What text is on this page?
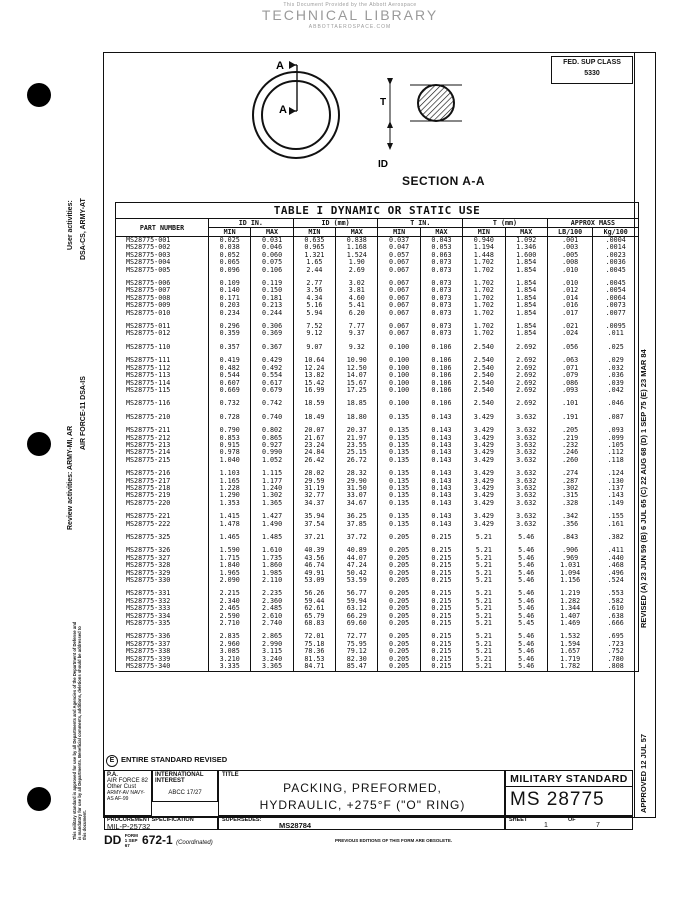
This Document Provided by the Abbott Aerospace
TECHNICAL LIBRARY
ABBOTTAEROSPACE.COM
APPROVED 12 JUL 57
REVISED (A) 23 JUN 59 (B) 6 JUL 65 (C) 22 AUG 68 (D) 1 SEP 75 (E) 23 MAR 84
FED. SUP CLASS
5330
A
A
T
ID
SECTION A-A
TABLE I DYNAMIC OR STATIC USE										
PART NUMBER	ID IN.		ID (mm)		T IN.		T (mm)		APPROX MASS	
	MIN	MAX	MIN	MAX	MIN	MAX	MIN	MAX	LB/100	Kg/100
MS28775-001	0.025	0.031	0.635	0.838	0.037	0.043	0.940	1.092	.001	.0004
MS28775-002	0.038	0.046	0.965	1.168	0.047	0.053	1.194	1.346	.003	.0014
MS28775-003	0.052	0.060	1.321	1.524	0.057	0.063	1.448	1.600	.005	.0023
MS28775-004	0.065	0.075	1.65	1.90	0.067	0.073	1.702	1.854	.008	.0036
MS28775-005	0.096	0.106	2.44	2.69	0.067	0.073	1.702	1.854	.010	.0045

MS28775-006	0.109	0.119	2.77	3.02	0.067	0.073	1.702	1.854	.010	.0045
MS28775-007	0.140	0.150	3.56	3.81	0.067	0.073	1.702	1.854	.012	.0054
MS28775-008	0.171	0.181	4.34	4.60	0.067	0.073	1.702	1.854	.014	.0064
MS28775-009	0.203	0.213	5.16	5.41	0.067	0.073	1.702	1.854	.016	.0073
MS28775-010	0.234	0.244	5.94	6.20	0.067	0.073	1.702	1.854	.017	.0077

MS28775-011	0.296	0.306	7.52	7.77	0.067	0.073	1.702	1.854	.021	.0095
MS28775-012	0.359	0.369	9.12	9.37	0.067	0.073	1.702	1.854	.024	.011

MS28775-110	0.357	0.367	9.07	9.32	0.100	0.106	2.540	2.692	.056	.025

MS28775-111	0.419	0.429	10.64	10.90	0.100	0.106	2.540	2.692	.063	.029
MS28775-112	0.482	0.492	12.24	12.50	0.100	0.106	2.540	2.692	.071	.032
MS28775-113	0.544	0.554	13.82	14.07	0.100	0.106	2.540	2.692	.079	.036
MS28775-114	0.607	0.617	15.42	15.67	0.100	0.106	2.540	2.692	.086	.039
MS28775-115	0.669	0.679	16.99	17.25	0.100	0.106	2.540	2.692	.093	.042

MS28775-116	0.732	0.742	18.59	18.85	0.100	0.106	2.540	2.692	.101	.046

MS28775-210	0.728	0.740	18.49	18.80	0.135	0.143	3.429	3.632	.191	.087

MS28775-211	0.790	0.802	20.07	20.37	0.135	0.143	3.429	3.632	.205	.093
MS28775-212	0.853	0.865	21.67	21.97	0.135	0.143	3.429	3.632	.219	.099
MS28775-213	0.915	0.927	23.24	23.55	0.135	0.143	3.429	3.632	.232	.105
MS28775-214	0.978	0.990	24.84	25.15	0.135	0.143	3.429	3.632	.246	.112
MS28775-215	1.040	1.052	26.42	26.72	0.135	0.143	3.429	3.632	.260	.118

MS28775-216	1.103	1.115	28.02	28.32	0.135	0.143	3.429	3.632	.274	.124
MS28775-217	1.165	1.177	29.59	29.90	0.135	0.143	3.429	3.632	.287	.130
MS28775-218	1.228	1.240	31.19	31.50	0.135	0.143	3.429	3.632	.302	.137
MS28775-219	1.290	1.302	32.77	33.07	0.135	0.143	3.429	3.632	.315	.143
MS28775-220	1.353	1.365	34.37	34.67	0.135	0.143	3.429	3.632	.328	.149

MS28775-221	1.415	1.427	35.94	36.25	0.135	0.143	3.429	3.632	.342	.155
MS28775-222	1.478	1.490	37.54	37.85	0.135	0.143	3.429	3.632	.356	.161

MS28775-325	1.465	1.485	37.21	37.72	0.205	0.215	5.21	5.46	.843	.382

MS28775-326	1.590	1.610	40.39	40.89	0.205	0.215	5.21	5.46	.906	.411
MS28775-327	1.715	1.735	43.56	44.07	0.205	0.215	5.21	5.46	.969	.440
MS28775-328	1.840	1.860	46.74	47.24	0.205	0.215	5.21	5.46	1.031	.468
MS28775-329	1.965	1.985	49.91	50.42	0.205	0.215	5.21	5.46	1.094	.496
MS28775-330	2.090	2.110	53.09	53.59	0.205	0.215	5.21	5.46	1.156	.524

MS28775-331	2.215	2.235	56.26	56.77	0.205	0.215	5.21	5.46	1.219	.553
MS28775-332	2.340	2.360	59.44	59.94	0.205	0.215	5.21	5.46	1.282	.582
MS28775-333	2.465	2.485	62.61	63.12	0.205	0.215	5.21	5.46	1.344	.610
MS28775-334	2.590	2.610	65.79	66.29	0.205	0.215	5.21	5.46	1.407	.638
MS28775-335	2.710	2.740	68.83	69.60	0.205	0.215	5.21	5.45	1.469	.666

MS28775-336	2.835	2.865	72.01	72.77	0.205	0.215	5.21	5.46	1.532	.695
MS28775-337	2.960	2.990	75.18	75.95	0.205	0.215	5.21	5.46	1.594	.723
MS28775-338	3.085	3.115	78.36	79.12	0.205	0.215	5.21	5.46	1.657	.752
MS28775-339	3.210	3.240	81.53	82.30	0.205	0.215	5.21	5.46	1.719	.780
MS28775-340	3.335	3.365	84.71	85.47	0.205	0.215	5.21	5.46	1.782	.808
E ENTIRE STANDARD REVISED
P.A.
AIR FORCE 82
Other Cust
ARMY-AV NAVY-AS AF-99
INTERNATIONAL INTEREST
ABCC 17/27
TITLE
PACKING, PREFORMED,
HYDRAULIC, +275°F ("O" RING)
MILITARY STANDARD
MS 28775
PROCUREMENT SPECIFICATION
MIL-P-25732
SUPERSEDES:
MS28784
SHEET
1
OF
7
DD FORM 1 SEP 67 672-1 (Coordinated)	PREVIOUS EDITIONS OF THIS FORM ARE OBSOLETE.
User activities: DSA-CS, ARMY-AT
Review activities: ARMY-MI, AR
AIR FORCE-11 DSA-IS
This military standard is approved for use by all Departments and Agencies of the Department of Defense and is mandatory for use by all Departments. Beneficial comments, additions, deletions should be addressed to this document.
